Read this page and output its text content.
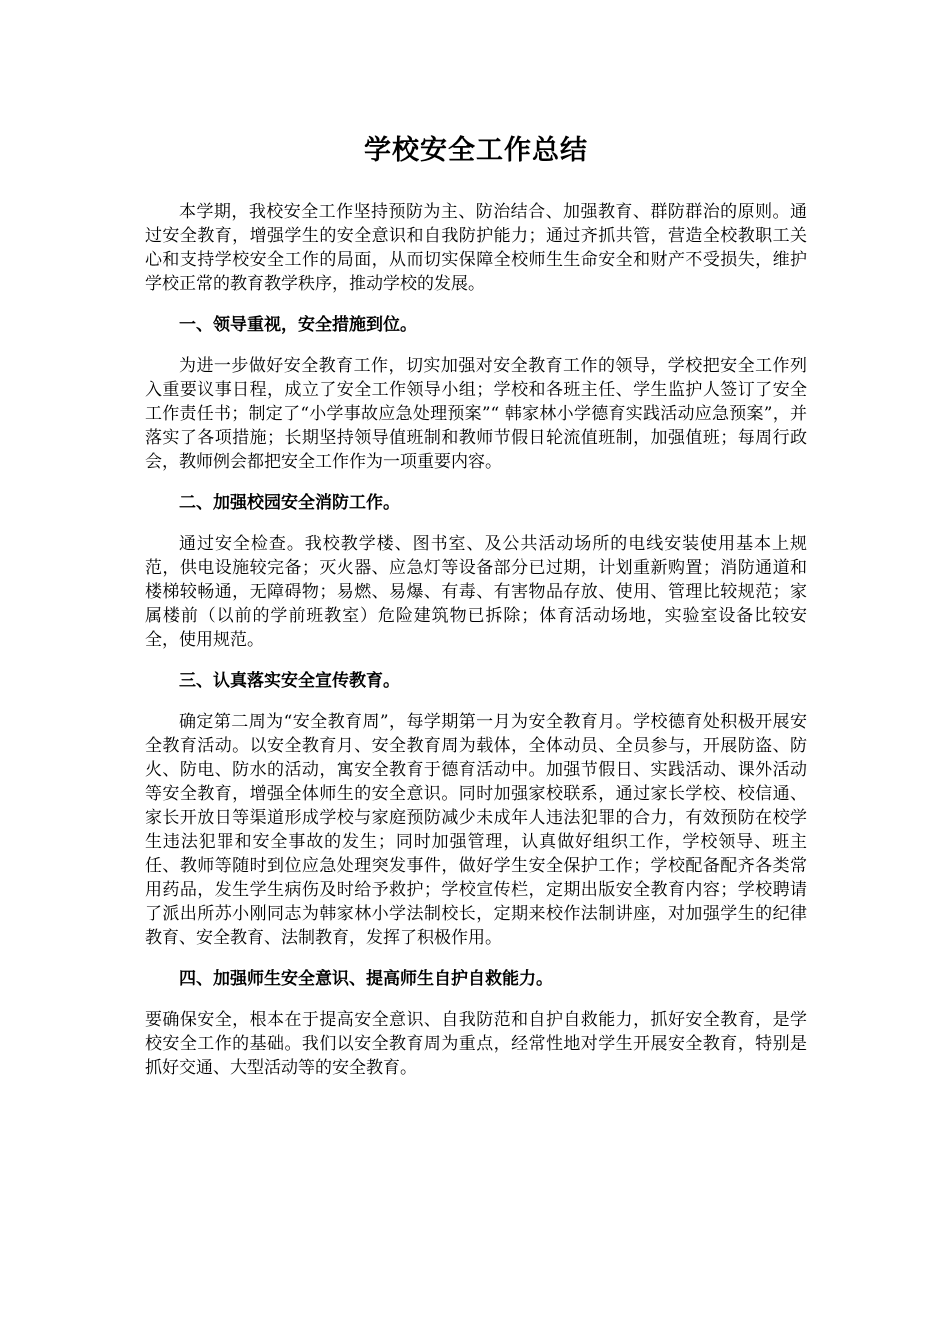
学校安全工作总结

本学期，我校安全工作坚持预防为主、防治结合、加强教育、群防群治的原则。通过安全教育，增强学生的安全意识和自我防护能力；通过齐抓共管，营造全校教职工关心和支持学校安全工作的局面，从而切实保障全校师生生命安全和财产不受损失，维护学校正常的教育教学秩序，推动学校的发展。

一、领导重视，安全措施到位。

为进一步做好安全教育工作，切实加强对安全教育工作的领导，学校把安全工作列入重要议事日程，成立了安全工作领导小组；学校和各班主任、学生监护人签订了安全工作责任书；制定了“小学事故应急处理预案”“ 韩家林小学德育实践活动应急预案”，并落实了各项措施；长期坚持领导值班制和教师节假日轮流值班制，加强值班；每周行政会，教师例会都把安全工作作为一项重要内容。

二、加强校园安全消防工作。

通过安全检查。我校教学楼、图书室、及公共活动场所的电线安装使用基本上规范，供电设施较完备；灭火器、应急灯等设备部分已过期，计划重新购置；消防通道和楼梯较畅通，无障碍物；易燃、易爆、有毒、有害物品存放、使用、管理比较规范；家属楼前（以前的学前班教室）危险建筑物已拆除；体育活动场地，实验室设备比较安全，使用规范。

三、认真落实安全宣传教育。

确定第二周为“安全教育周”，每学期第一月为安全教育月。学校德育处积极开展安全教育活动。以安全教育月、安全教育周为载体，全体动员、全员参与，开展防盗、防火、防电、防水的活动，寓安全教育于德育活动中。加强节假日、实践活动、课外活动等安全教育，增强全体师生的安全意识。同时加强家校联系，通过家长学校、校信通、家长开放日等渠道形成学校与家庭预防减少未成年人违法犯罪的合力，有效预防在校学生违法犯罪和安全事故的发生；同时加强管理，认真做好组织工作，学校领导、班主任、教师等随时到位应急处理突发事件，做好学生安全保护工作；学校配备配齐各类常用药品，发生学生病伤及时给予救护；学校宣传栏，定期出版安全教育内容；学校聘请了派出所苏小刚同志为韩家林小学法制校长，定期来校作法制讲座，对加强学生的纪律教育、安全教育、法制教育，发挥了积极作用。

四、加强师生安全意识、提高师生自护自救能力。

要确保安全，根本在于提高安全意识、自我防范和自护自救能力，抓好安全教育，是学校安全工作的基础。我们以安全教育周为重点，经常性地对学生开展安全教育，特别是抓好交通、大型活动等的安全教育。
